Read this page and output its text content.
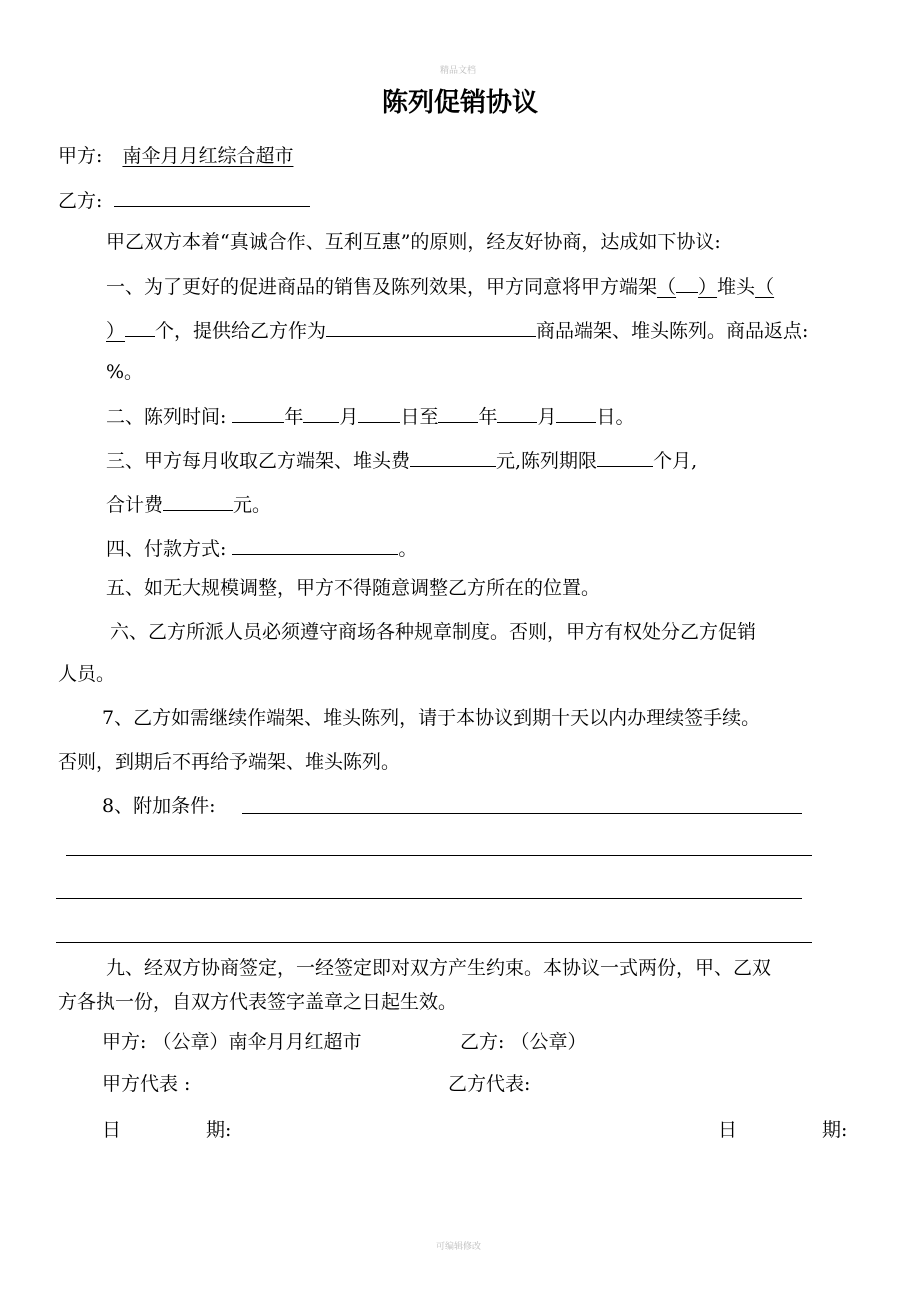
精品文档
陈列促销协议
甲方: 南伞月月红综合超市
乙方:
甲乙双方本着“真诚合作、互利互惠”的原则，经友好协商，达成如下协议:
一、为了更好的促进商品的销售及陈列效果，甲方同意将甲方端架（ ）堆头（
） 个，提供给乙方作为	商品端架、堆头陈列。商品返点:
%。
二、陈列时间:	年 月 日至 年 月 日。
三、甲方每月收取乙方端架、堆头费	元,陈列期限	个月,
合计费	元。
四、付款方式:	。
五、如无大规模调整，甲方不得随意调整乙方所在的位置。
六、乙方所派人员必须遵守商场各种规章制度。否则，甲方有权处分乙方促销
人员。
7、乙方如需继续作端架、堆头陈列，请于本协议到期十天以内办理续签手续。
否则，到期后不再给予端架、堆头陈列。
8、附加条件:
九、经双方协商签定，一经签定即对双方产生约束。本协议一式两份，甲、乙双
方各执一份，自双方代表签字盖章之日起生效。
甲方: （公章）南伞月月红超市	乙方: （公章）
甲方代表 :	乙方代表:
日	期:	日	期:
可编辑修改
